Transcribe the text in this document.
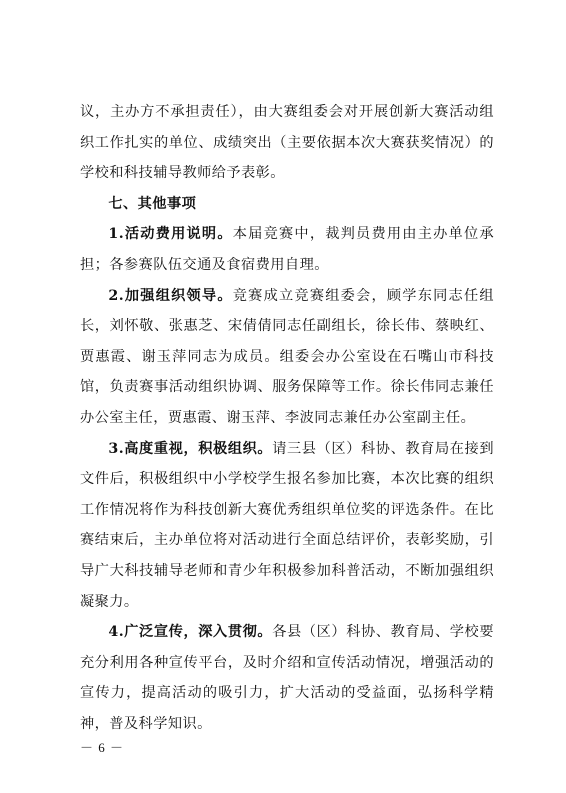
议，主办方不承担责任），由大赛组委会对开展创新大赛活动组织工作扎实的单位、成绩突出（主要依据本次大赛获奖情况）的学校和科技辅导教师给予表彰。

七、其他事项

1.活动费用说明。本届竞赛中，裁判员费用由主办单位承担；各参赛队伍交通及食宿费用自理。

2.加强组织领导。竞赛成立竞赛组委会，顾学东同志任组长，刘怀敬、张惠芝、宋倩倩同志任副组长，徐长伟、蔡映红、贾惠霞、谢玉萍同志为成员。组委会办公室设在石嘴山市科技馆，负责赛事活动组织协调、服务保障等工作。徐长伟同志兼任办公室主任，贾惠霞、谢玉萍、李波同志兼任办公室副主任。

3.高度重视，积极组织。请三县（区）科协、教育局在接到文件后，积极组织中小学校学生报名参加比赛，本次比赛的组织工作情况将作为科技创新大赛优秀组织单位奖的评选条件。在比赛结束后，主办单位将对活动进行全面总结评价，表彰奖励，引导广大科技辅导老师和青少年积极参加科普活动，不断加强组织凝聚力。

4.广泛宣传，深入贯彻。各县（区）科协、教育局、学校要充分利用各种宣传平台，及时介绍和宣传活动情况，增强活动的宣传力，提高活动的吸引力，扩大活动的受益面，弘扬科学精神，普及科学知识。

－ 6 －
